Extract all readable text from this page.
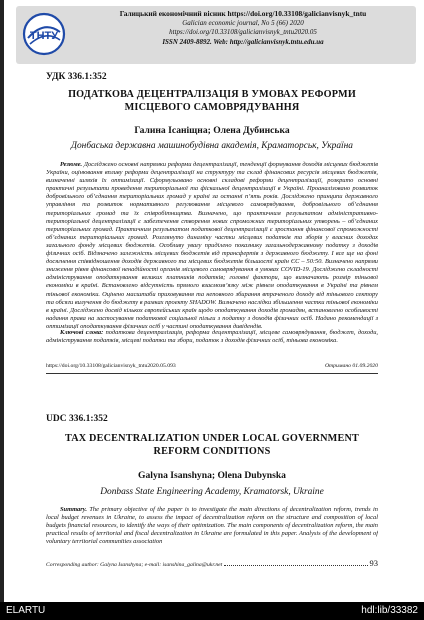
ТНТУ
Галицький економічний вісник https://doi.org/10.33108/galicianvisnyk_tntu
Galician economic journal, No 5 (66) 2020
https://doi.org/10.33108/galicianvisnyk_tntu2020.05
ISSN 2409-8892. Web: http://galicianvisnyk.tntu.edu.ua
УДК 336.1:352
ПОДАТКОВА ДЕЦЕНТРАЛІЗАЦІЯ В УМОВАХ РЕФОРМИ
МІСЦЕВОГО САМОВРЯДУВАННЯ
Галина Ісаніщна; Олена Дубинська
Донбаська державна машинобудівна академія, Краматорськ, Україна
Резюме. Досліджено основні напрямки реформи децентралізації, тенденції формування доходів місцевих бюджетів України, оцінювання впливу реформи децентралізації на структуру та склад фінансових ресурсів місцевих бюджетів, визначенні шляхів їх оптимізації. Сформульовано основні складові реформи децентралізації, розкрито основні практичні результати проведення територіальної та фіскальної децентралізації в Україні. Проаналізовано розвиток добровільного об’єднання територіальних громад у країні за останні п’ять років. Досліджено принципи державного управління та розвиток нормативного регулювання місцевого самоврядування, добровільного об’єднання територіальних громад та їх співробітництва. Визначено, що практичним результатом адміністративно-територіальної децентралізації є забезпечення створення нових спроможних територіальних утворень – об’єднаних територіальних громад. Практичним результатом податкової децентралізації є зростання фінансової спроможності об’єднаних територіальних громад. Розглянуто динаміку частки місцевих податків та зборів у власних доходах загального фонду місцевих бюджетів. Особливу увагу приділено показнику загальнодержавному податку з доходів фізичних осіб. Відзначено залежність місцевих бюджетів від трансфертів з державного бюджету. І все ще на фоні досягнення співвідношення доходів державного та місцевих бюджетів більшості країн ЄС – 50:50. Визначено напрями зниження рівня фінансової ненадійності органів місцевого самоврядування в умовах COVID-19. Досліджено складності адміністрування оподаткування великих платників податків; головні фактори, що визначають розмір тіньової економіки в країні. Встановлено відсутність прямого взаємозв’язку між рівнем оподаткування в Україні та рівнем тіньової економіки. Оцінено масштаби приховування та неповного збирання втраченого доходу від тіньового сектору та обсяги вилучення до бюджету в рамках проекту SHADOW. Визначено наслідки збільшення частки тіньової економіки в країні. Досліджено досвід кількох європейських країн щодо оподаткування доходів громадян, встановлено особливості надання права на застосування податкової соціальної пільги з податку з доходів фізичних осіб. Надано рекомендації з оптимізації оподаткування фізичних осіб у частині оподаткування дивідендів.
Ключові слова: податкова децентралізація, реформа децентралізації, місцеве самоврядування, бюджет, доходи, адміністрування податків, місцеві податки та збори, податок з доходів фізичних осіб, тіньова економіка.
https://doi.org/10.33108/galicianvisnyk_tntu2020.05.093	Отримано 01.09.2020
UDC 336.1:352
TAX DECENTRALIZATION UNDER LOCAL GOVERNMENT
REFORM CONDITIONS
Galyna Isanshyna; Olena Dubynska
Donbass State Engineering Academy, Kramatorsk, Ukraine
Summary. The primary objective of the paper is to investigate the main directions of decentralization reform, trends in local budget revenues in Ukraine, to assess the impact of decentralization reform on the structure and composition of local budgets financial resources, to identify the ways of their optimization. The main components of decentralization reform, the main practical results of territorial and fiscal decentralization in Ukraine are formulated in this paper. Analysis of the development of voluntary territorial communities association
Corresponding author: Galyna Isanshyna; e-mail: isanshina_galina@ukr.net	93
ELARTU	hdl:lib/33382
